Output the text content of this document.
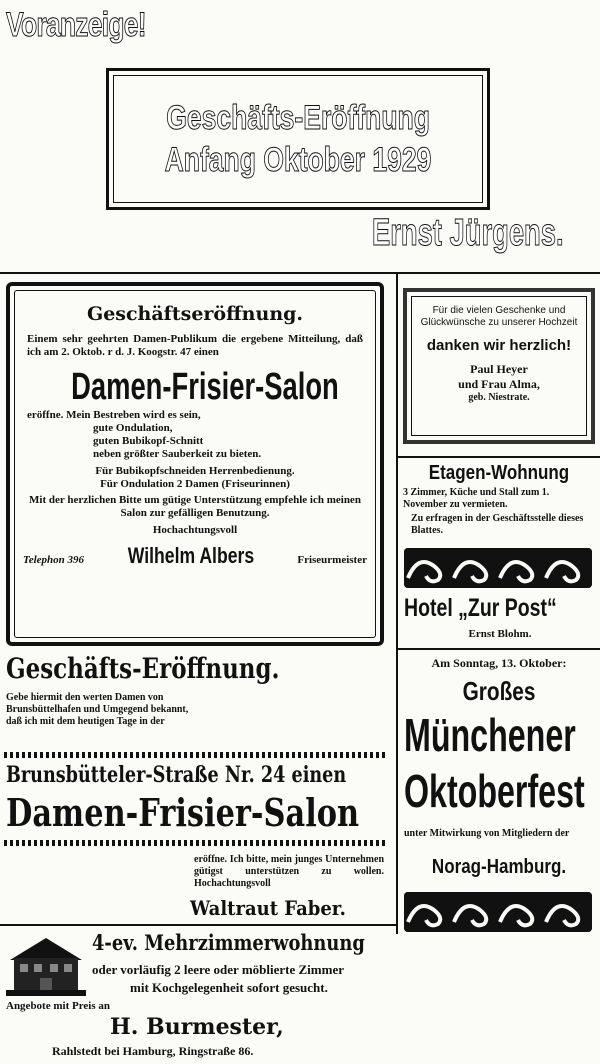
Voranzeige!
Geschäfts-Eröffnung
Anfang Oktober 1929
Ernst Jürgens.
Geschäftseröffnung.
Einem sehr geehrten Damen-Publikum die ergebene Mitteilung, daß ich am 2. Oktob. r d. J. Koogstr. 47 einen
Damen-Frisier-Salon
eröffne. Mein Bestreben wird es sein,
gute Ondulation,
guten Bubikopf-Schnitt
neben größter Sauberkeit zu bieten.
Für Bubikopfschneiden Herrenbedienung.
Für Ondulation 2 Damen (Friseurinnen)
Mit der herzlichen Bitte um gütige Unterstützung empfehle ich meinen Salon zur gefälligen Benutzung.
Hochachtungsvoll
Telephon 396 Wilhelm Albers	Friseurmeister
Für die vielen Geschenke und Glückwünsche zu unserer Hochzeit
danken wir herzlich!
Paul Heyer
und Frau Alma,
geb. Niestrate.
Etagen-Wohnung
3 Zimmer, Küche und Stall zum 1. November zu vermieten.
Zu erfragen in der Geschäftsstelle dieses Blattes.
Hotel „Zur Post“
Ernst Blohm.
Am Sonntag, 13. Oktober:
Großes
Münchener
Oktoberfest
unter Mitwirkung von Mitgliedern der
Norag-Hamburg.
Geschäfts-Eröffnung.
Gebe hiermit den werten Damen von Brunsbüttelhafen und Umgegend bekannt, daß ich mit dem heutigen Tage in der
Brunsbütteler-Straße Nr. 24 einen
Damen-Frisier-Salon
eröffne. Ich bitte, mein junges Unternehmen gütigst unterstützen zu wollen. Hochachtungsvoll
Waltraut Faber.
4-ev. Mehrzimmerwohnung
oder vorläufig 2 leere oder möblierte Zimmer
mit Kochgelegenheit sofort gesucht.
Angebote mit Preis an
H. Burmester,
Rahlstedt bei Hamburg, Ringstraße 86.
